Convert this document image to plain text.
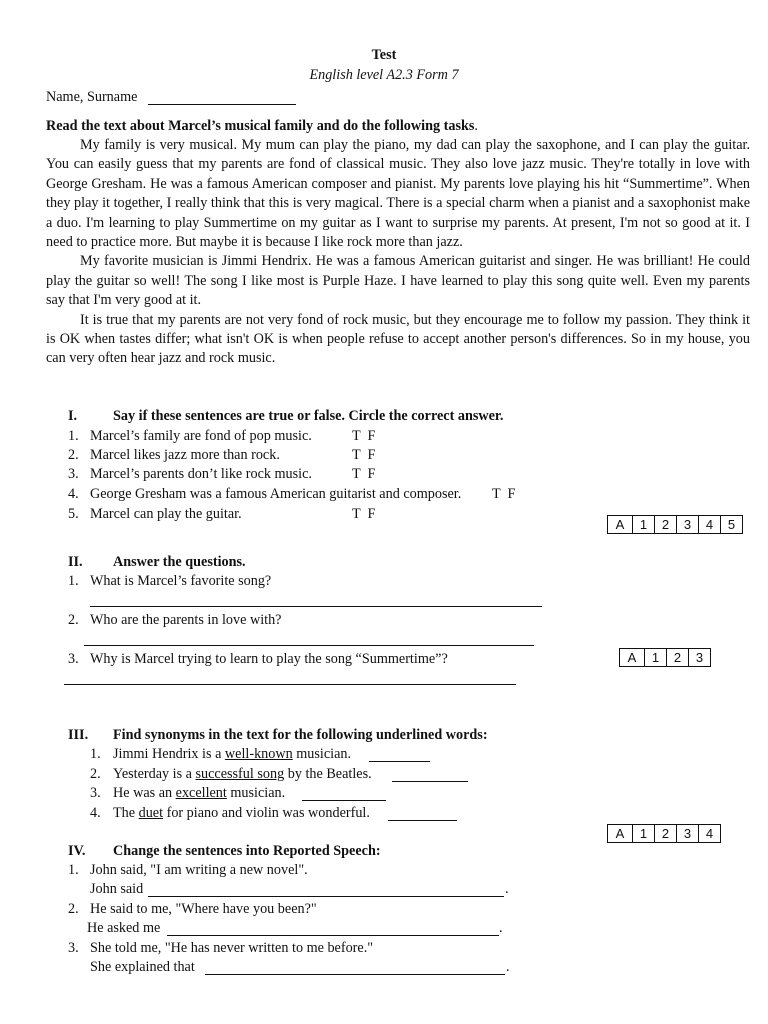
Test
English level A2.3 Form 7
Name, Surname
Read the text about Marcel’s musical family and do the following tasks.

My family is very musical. My mum can play the piano, my dad can play the saxophone, and I can play the guitar. You can easily guess that my parents are fond of classical music. They also love jazz music. They're totally in love with George Gresham. He was a famous American composer and pianist. My parents love playing his hit “Summertime”. When they play it together, I really think that this is very magical. There is a special charm when a pianist and a saxophonist make a duo. I'm learning to play Summertime on my guitar as I want to surprise my parents. At present, I'm not so good at it. I need to practice more. But maybe it is because I like rock more than jazz.

My favorite musician is Jimmi Hendrix. He was a famous American guitarist and singer. He was brilliant! He could play the guitar so well! The song I like most is Purple Haze. I have learned to play this song quite well. Even my parents say that I'm very good at it.

It is true that my parents are not very fond of rock music, but they encourage me to follow my passion. They think it is OK when tastes differ; what isn't OK is when people refuse to accept another person's differences. So in my house, you can very often hear jazz and rock music.

I.	Say if these sentences are true or false. Circle the correct answer.
1. Marcel’s family are fond of pop music.	T  F
2. Marcel likes jazz more than rock.	T  F
3. Marcel’s parents don’t like rock music.	T  F
4. George Gresham was a famous American guitarist and composer. T  F
5. Marcel can play the guitar.	T  F
A	1	2	3	4	5
II. Answer the questions.
1. What is Marcel’s favorite song?
2. Who are the parents in love with?
3. Why is Marcel trying to learn to play the song “Summertime”?	A	1	2	3
III. Find synonyms in the text for the following underlined words:
1. Jimmi Hendrix is a well-known musician.
2. Yesterday is a successful song by the Beatles.
3. He was an excellent musician.
4. The duet for piano and violin was wonderful.
A	1	2	3	4
IV. Change the sentences into Reported Speech:
1. John said, "I am writing a new novel".
John said	.
2. He said to me, "Where have you been?"
He asked me	.
3. She told me, "He has never written to me before."
She explained that	.
